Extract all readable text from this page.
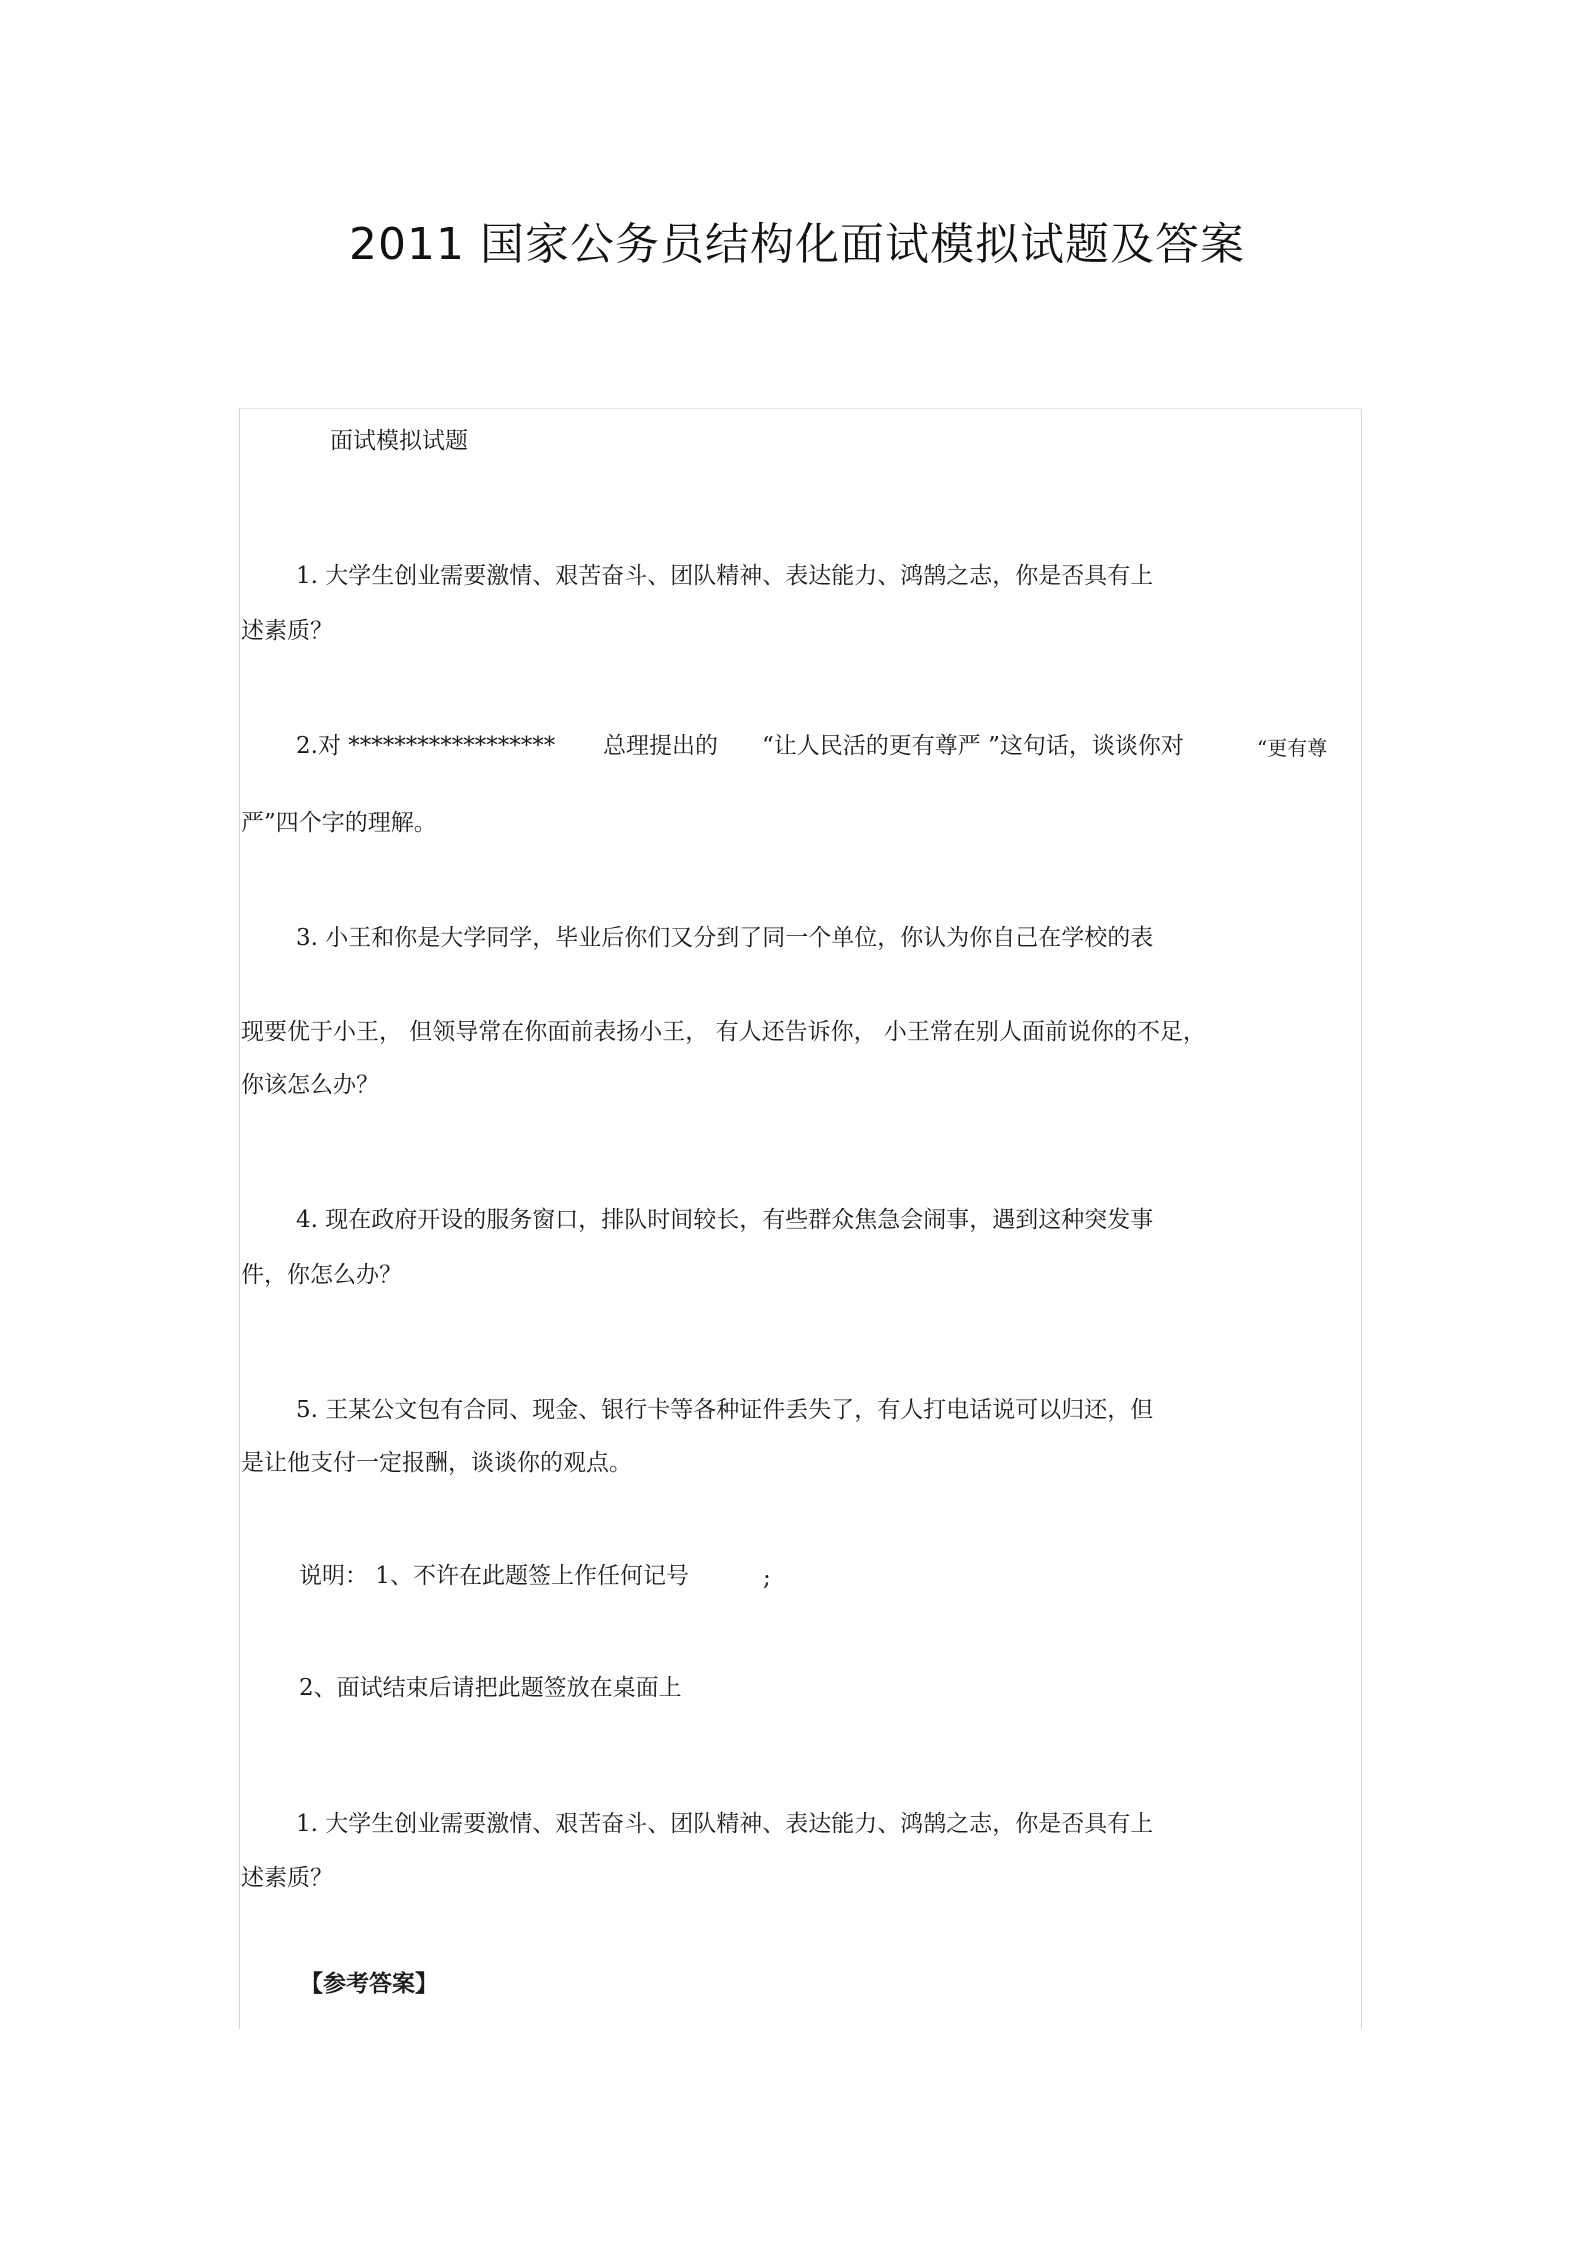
2011 国家公务员结构化面试模拟试题及答案
面试模拟试题
1. 大学生创业需要激情、艰苦奋斗、团队精神、表达能力、鸿鹄之志，你是否具有上
述素质？
2.对 ****************** 总理提出的 “让人民活的更有尊严 ”这句话，谈谈你对	“更有尊
严”四个字的理解。
3. 小王和你是大学同学，毕业后你们又分到了同一个单位，你认为你自己在学校的表
现要优于小王， 但领导常在你面前表扬小王， 有人还告诉你， 小王常在别人面前说你的不足，
你该怎么办？
4. 现在政府开设的服务窗口，排队时间较长，有些群众焦急会闹事，遇到这种突发事
件，你怎么办？
5. 王某公文包有合同、现金、银行卡等各种证件丢失了，有人打电话说可以归还，但
是让他支付一定报酬，谈谈你的观点。
说明： 1、不许在此题签上作任何记号	;
2、面试结束后请把此题签放在桌面上
1. 大学生创业需要激情、艰苦奋斗、团队精神、表达能力、鸿鹄之志，你是否具有上
述素质？
【参考答案】
